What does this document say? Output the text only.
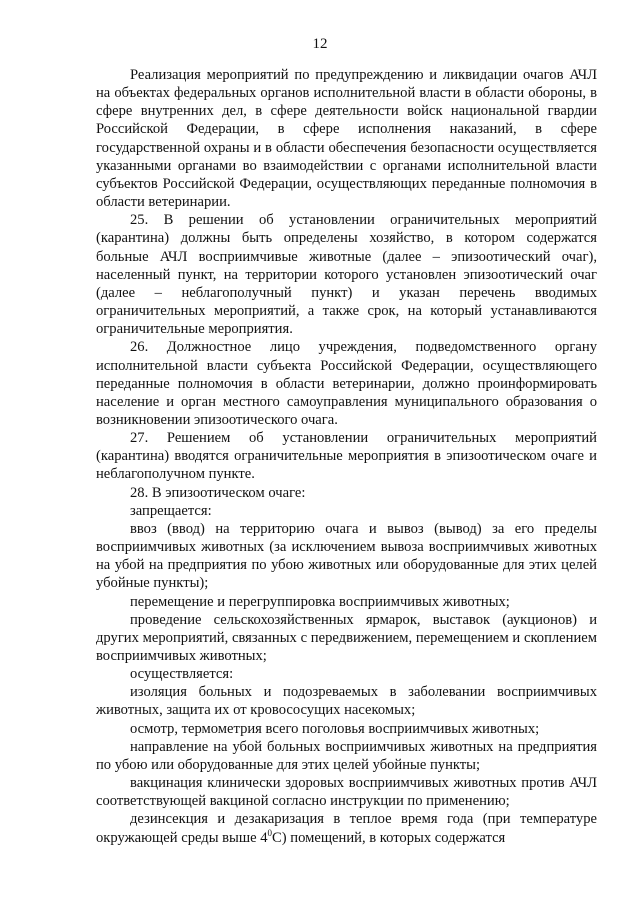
12

Реализация мероприятий по предупреждению и ликвидации очагов АЧЛ на объектах федеральных органов исполнительной власти в области обороны, в сфере внутренних дел, в сфере деятельности войск национальной гвардии Российской Федерации, в сфере исполнения наказаний, в сфере государственной охраны и в области обеспечения безопасности осуществляется указанными органами во взаимодействии с органами исполнительной власти субъектов Российской Федерации, осуществляющих переданные полномочия в области ветеринарии.

25. В решении об установлении ограничительных мероприятий (карантина) должны быть определены хозяйство, в котором содержатся больные АЧЛ восприимчивые животные (далее – эпизоотический очаг), населенный пункт, на территории которого установлен эпизоотический очаг (далее – неблагополучный пункт) и указан перечень вводимых ограничительных мероприятий, а также срок, на который устанавливаются ограничительные мероприятия.

26. Должностное лицо учреждения, подведомственного органу исполнительной власти субъекта Российской Федерации, осуществляющего переданные полномочия в области ветеринарии, должно проинформировать население и орган местного самоуправления муниципального образования о возникновении эпизоотического очага.

27. Решением об установлении ограничительных мероприятий (карантина) вводятся ограничительные мероприятия в эпизоотическом очаге и неблагополучном пункте.

28. В эпизоотическом очаге:

запрещается:

ввоз (ввод) на территорию очага и вывоз (вывод) за его пределы восприимчивых животных (за исключением вывоза восприимчивых животных на убой на предприятия по убою животных или оборудованные для этих целей убойные пункты);

перемещение и перегруппировка восприимчивых животных;

проведение сельскохозяйственных ярмарок, выставок (аукционов) и других мероприятий, связанных с передвижением, перемещением и скоплением восприимчивых животных;

осуществляется:

изоляция больных и подозреваемых в заболевании восприимчивых животных, защита их от кровососущих насекомых;

осмотр, термометрия всего поголовья восприимчивых животных;

направление на убой больных восприимчивых животных на предприятия по убою или оборудованные для этих целей убойные пункты;

вакцинация клинически здоровых восприимчивых животных против АЧЛ соответствующей вакциной согласно инструкции по применению;

дезинсекция и дезакаризация в теплое время года (при температуре окружающей среды выше $4^0С$) помещений, в которых содержатся
